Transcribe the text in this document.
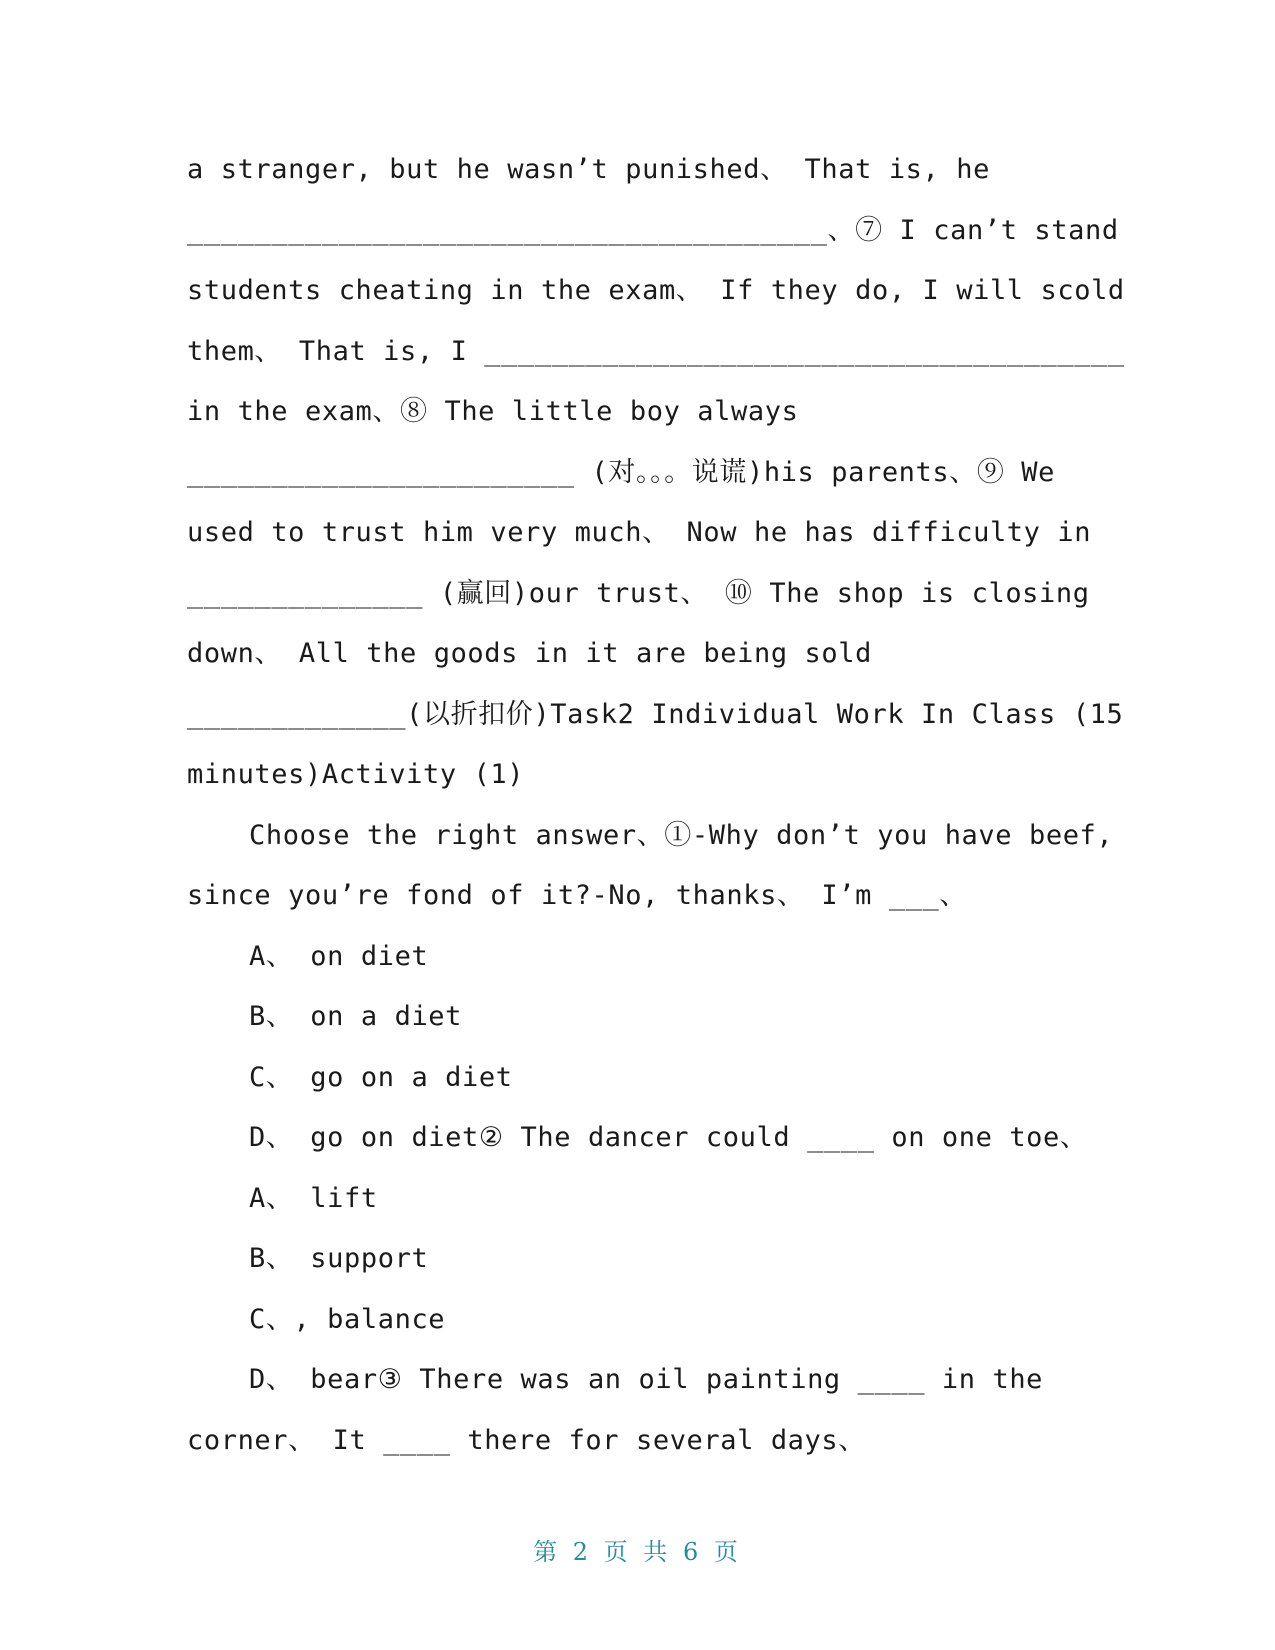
a stranger, but he wasn’t punished、 That is, he
______________________________________、⑦ I can’t stand
students cheating in the exam、 If they do, I will scold
them、 That is, I ______________________________________
in the exam、⑧ The little boy always
_______________________ (对。。。说谎)his parents、⑨ We
used to trust him very much、 Now he has difficulty in
______________ (赢回)our trust、 ⑩ The shop is closing
down、 All the goods in it are being sold
_____________(以折扣价)Task2 Individual Work In Class (15
minutes)Activity (1)
Choose the right answer、①-Why don’t you have beef,
since you’re fond of it?-No, thanks、 I’m ___、
A、 on diet
B、 on a diet
C、 go on a diet
D、 go on diet② The dancer could ____ on one toe、
A、 lift
B、 support
C、, balance
D、 bear③ There was an oil painting ____ in the
corner、 It ____ there for several days、
第 2 页 共 6 页
